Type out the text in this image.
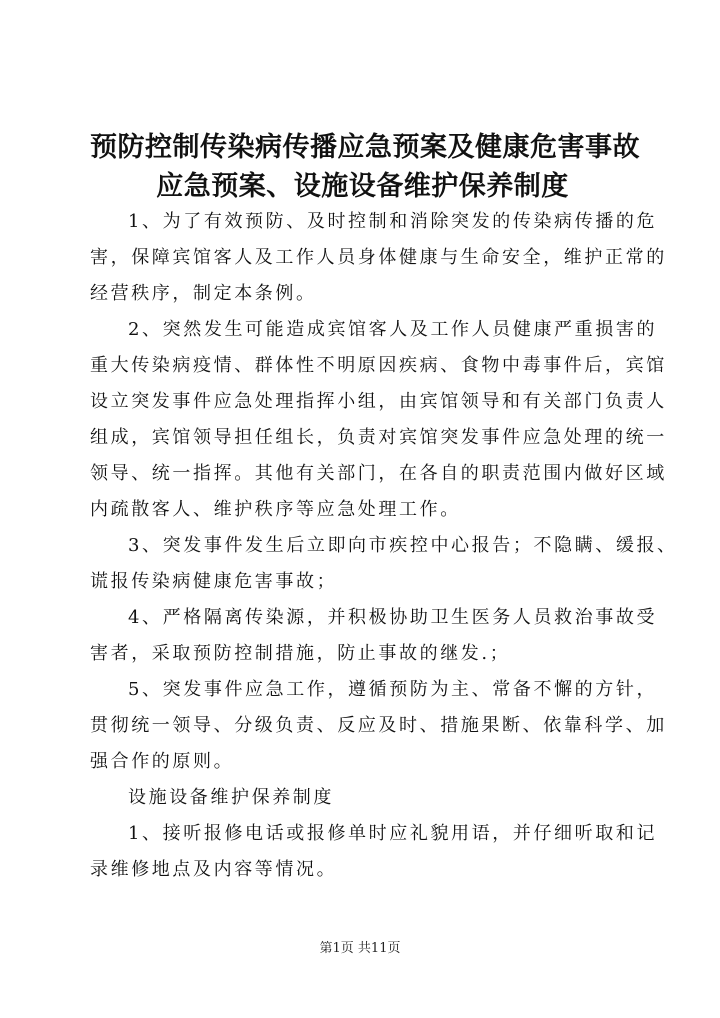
预防控制传染病传播应急预案及健康危害事故
应急预案、设施设备维护保养制度
1、为了有效预防、及时控制和消除突发的传染病传播的危
害，保障宾馆客人及工作人员身体健康与生命安全，维护正常的
经营秩序，制定本条例。
2、突然发生可能造成宾馆客人及工作人员健康严重损害的
重大传染病疫情、群体性不明原因疾病、食物中毒事件后，宾馆
设立突发事件应急处理指挥小组，由宾馆领导和有关部门负责人
组成，宾馆领导担任组长，负责对宾馆突发事件应急处理的统一
领导、统一指挥。其他有关部门，在各自的职责范围内做好区域
内疏散客人、维护秩序等应急处理工作。
3、突发事件发生后立即向市疾控中心报告；不隐瞒、缓报、
谎报传染病健康危害事故；
4、严格隔离传染源，并积极协助卫生医务人员救治事故受
害者，采取预防控制措施，防止事故的继发.；
5、突发事件应急工作，遵循预防为主、常备不懈的方针，
贯彻统一领导、分级负责、反应及时、措施果断、依靠科学、加
强合作的原则。
设施设备维护保养制度
1、接听报修电话或报修单时应礼貌用语，并仔细听取和记
录维修地点及内容等情况。
第1页 共11页
